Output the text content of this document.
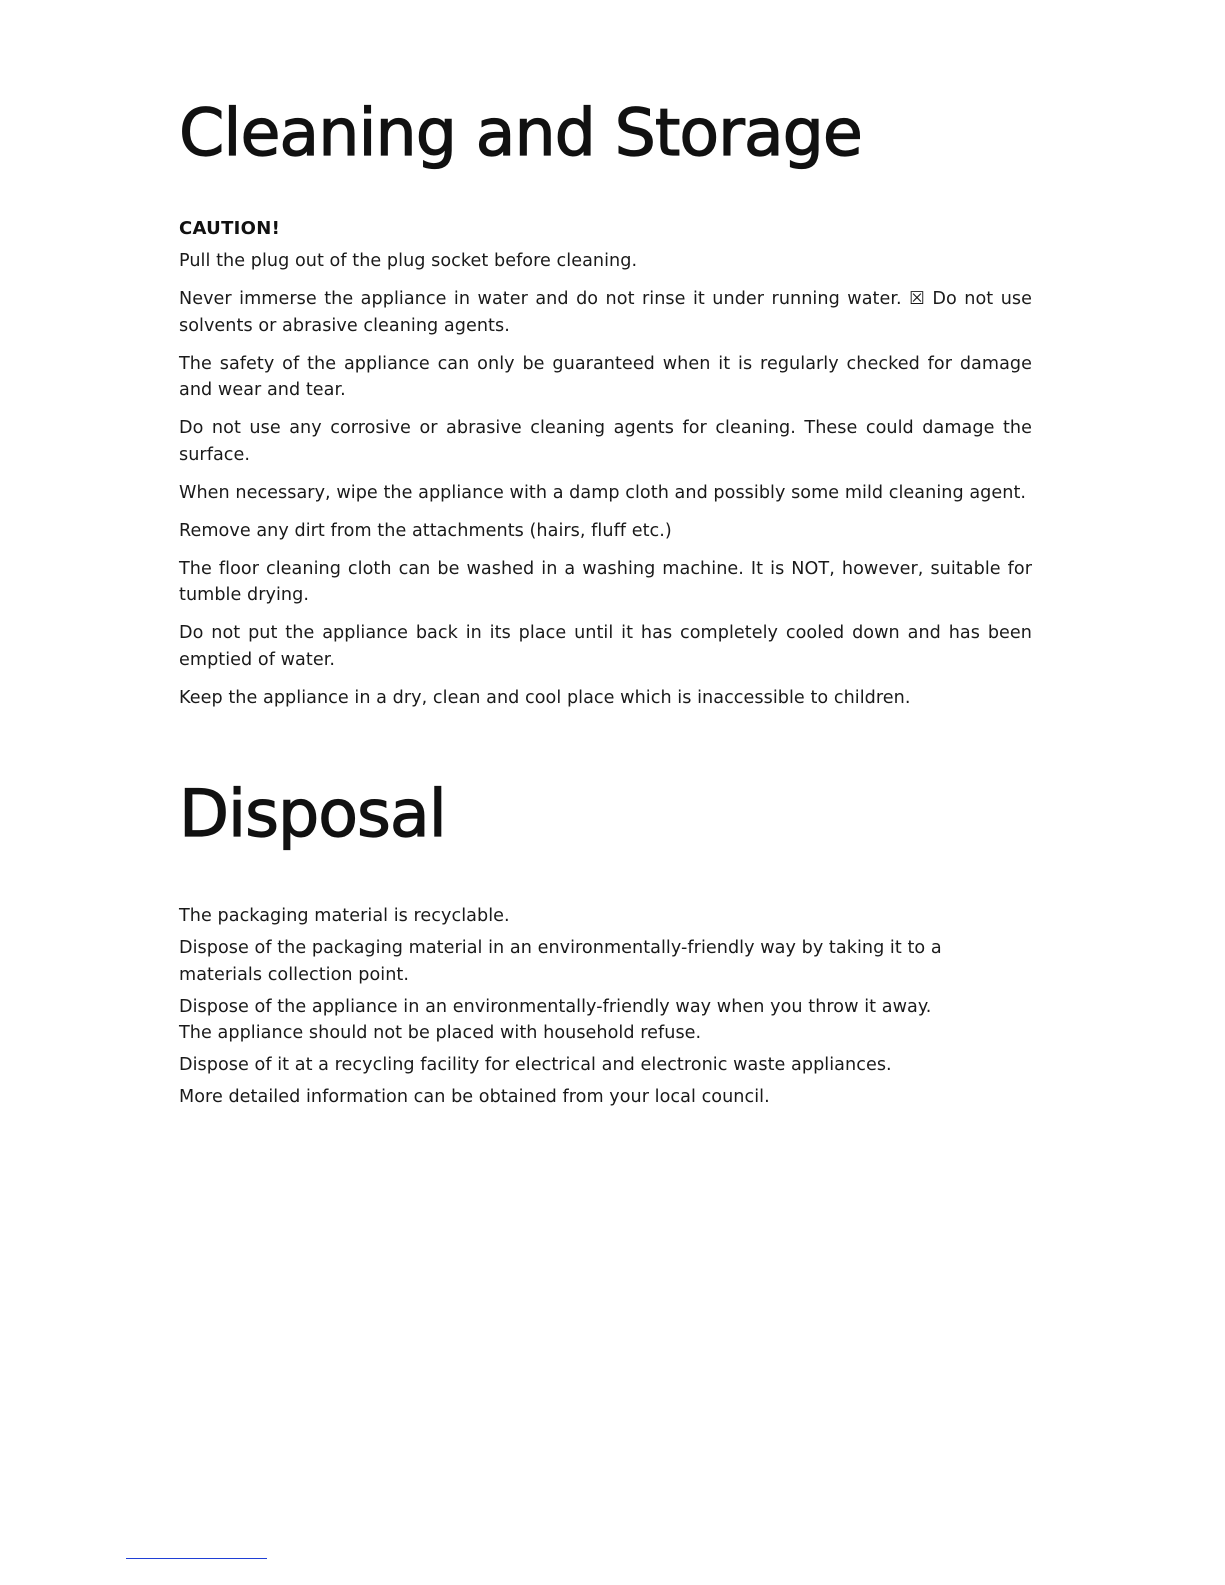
Cleaning and Storage
CAUTION!

Pull the plug out of the plug socket before cleaning.

Never immerse the appliance in water and do not rinse it under running water. ☒ Do not use solvents or abrasive cleaning agents.

The safety of the appliance can only be guaranteed when it is regularly checked for damage and wear and tear.

Do not use any corrosive or abrasive cleaning agents for cleaning. These could damage the surface.

When necessary, wipe the appliance with a damp cloth and possibly some mild cleaning agent.

Remove any dirt from the attachments (hairs, fluff etc.)

The floor cleaning cloth can be washed in a washing machine. It is NOT, however, suitable for tumble drying.

Do not put the appliance back in its place until it has completely cooled down and has been emptied of water.

Keep the appliance in a dry, clean and cool place which is inaccessible to children.

Disposal

The packaging material is recyclable.

Dispose of the packaging material in an environmentally-friendly way by taking it to a materials collection point.

Dispose of the appliance in an environmentally-friendly way when you throw it away. The appliance should not be placed with household refuse.

Dispose of it at a recycling facility for electrical and electronic waste appliances.

More detailed information can be obtained from your local council.
